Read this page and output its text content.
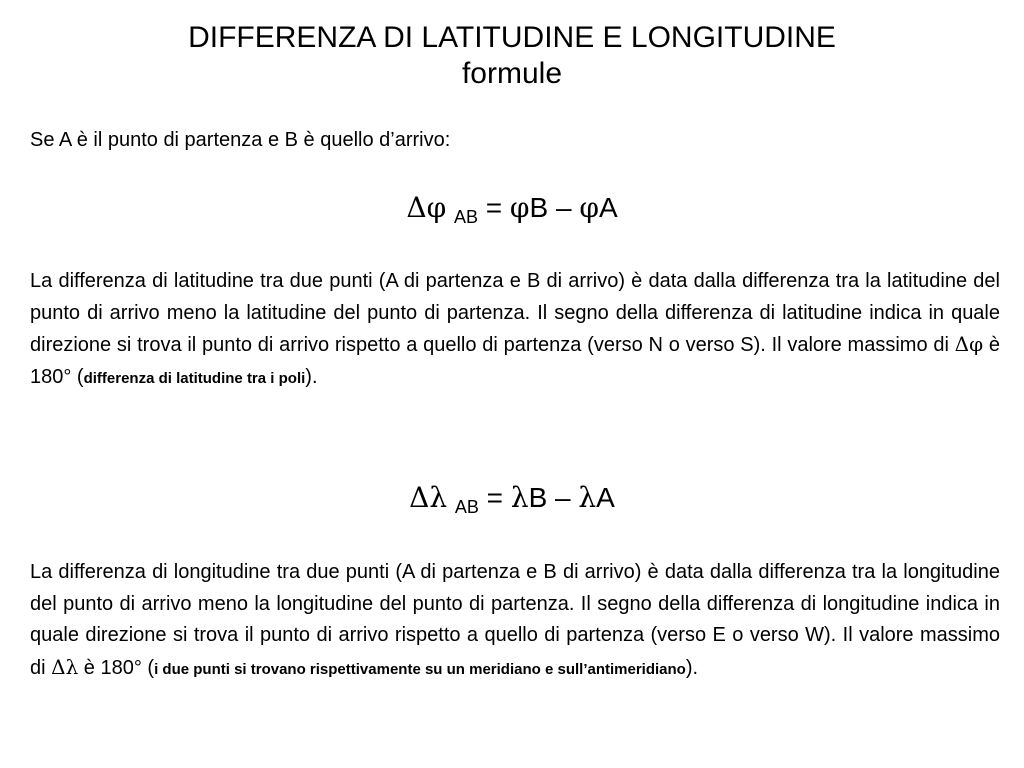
DIFFERENZA DI LATITUDINE E LONGITUDINE
formule
Se A è il punto di partenza e B è quello d’arrivo:
Δφ $_{AB}$ = φB – φA
La differenza di latitudine tra due punti (A di partenza e B di arrivo) è data dalla differenza tra la latitudine del punto di arrivo meno la latitudine del punto di partenza. Il segno della differenza di latitudine indica in quale direzione si trova il punto di arrivo rispetto a quello di partenza (verso N o verso S). Il valore massimo di Δφ è 180° (differenza di latitudine tra i poli).
Δλ $_{AB}$ = λB – λA
La differenza di longitudine tra due punti (A di partenza e B di arrivo) è data dalla differenza tra la longitudine del punto di arrivo meno la longitudine del punto di partenza. Il segno della differenza di longitudine indica in quale direzione si trova il punto di arrivo rispetto a quello di partenza (verso E o verso W). Il valore massimo di Δλ è 180° (i due punti si trovano rispettivamente su un meridiano e sull’antimeridiano).
